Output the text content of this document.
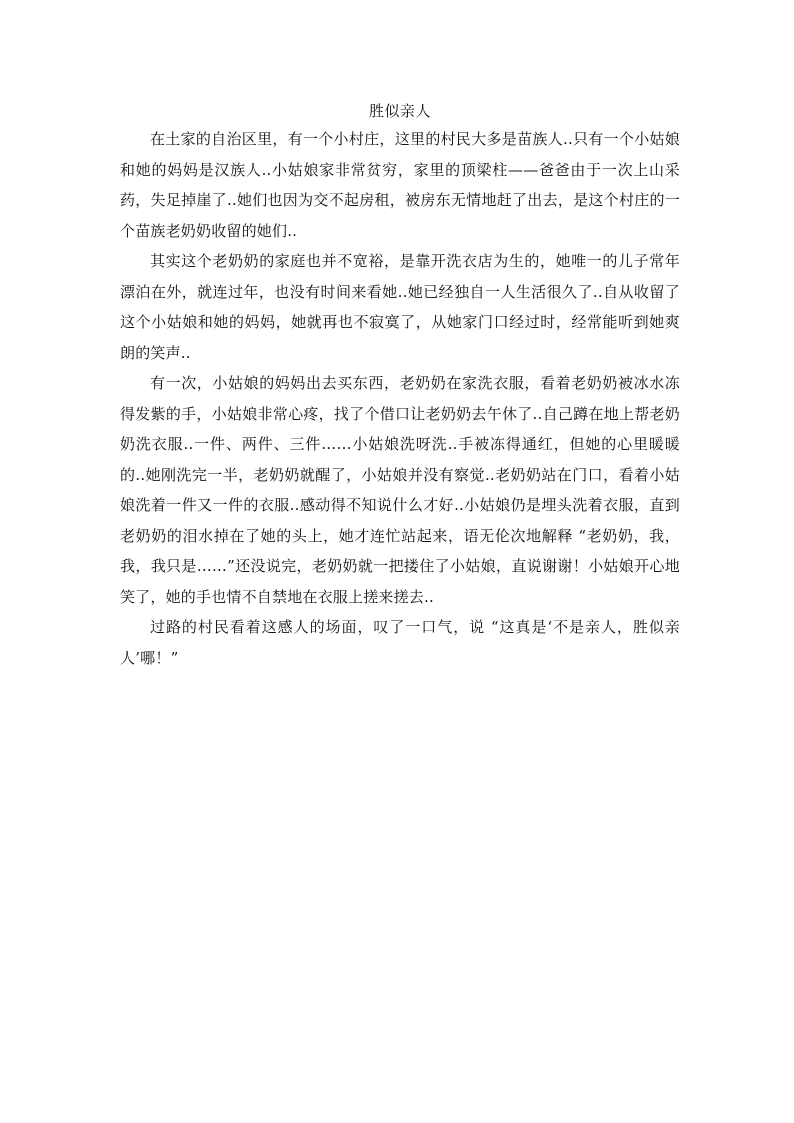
胜似亲人

在土家的自治区里，有一个小村庄，这里的村民大多是苗族人..只有一个小姑娘和她的妈妈是汉族人..小姑娘家非常贫穷，家里的顶梁柱——爸爸由于一次上山采药，失足掉崖了..她们也因为交不起房租，被房东无情地赶了出去，是这个村庄的一个苗族老奶奶收留的她们..

其实这个老奶奶的家庭也并不宽裕，是靠开洗衣店为生的，她唯一的儿子常年漂泊在外，就连过年，也没有时间来看她..她已经独自一人生活很久了..自从收留了这个小姑娘和她的妈妈，她就再也不寂寞了，从她家门口经过时，经常能听到她爽朗的笑声..

有一次，小姑娘的妈妈出去买东西，老奶奶在家洗衣服，看着老奶奶被冰水冻得发紫的手，小姑娘非常心疼，找了个借口让老奶奶去午休了..自己蹲在地上帮老奶奶洗衣服..一件、两件、三件……小姑娘洗呀洗..手被冻得通红，但她的心里暖暖的..她刚洗完一半，老奶奶就醒了，小姑娘并没有察觉..老奶奶站在门口，看着小姑娘洗着一件又一件的衣服..感动得不知说什么才好..小姑娘仍是埋头洗着衣服，直到老奶奶的泪水掉在了她的头上，她才连忙站起来，语无伦次地解释 “老奶奶，我，我，我只是……”还没说完，老奶奶就一把搂住了小姑娘，直说谢谢！小姑娘开心地笑了，她的手也情不自禁地在衣服上搓来搓去..

过路的村民看着这感人的场面，叹了一口气，说 “这真是‘不是亲人，胜似亲人’哪！”
